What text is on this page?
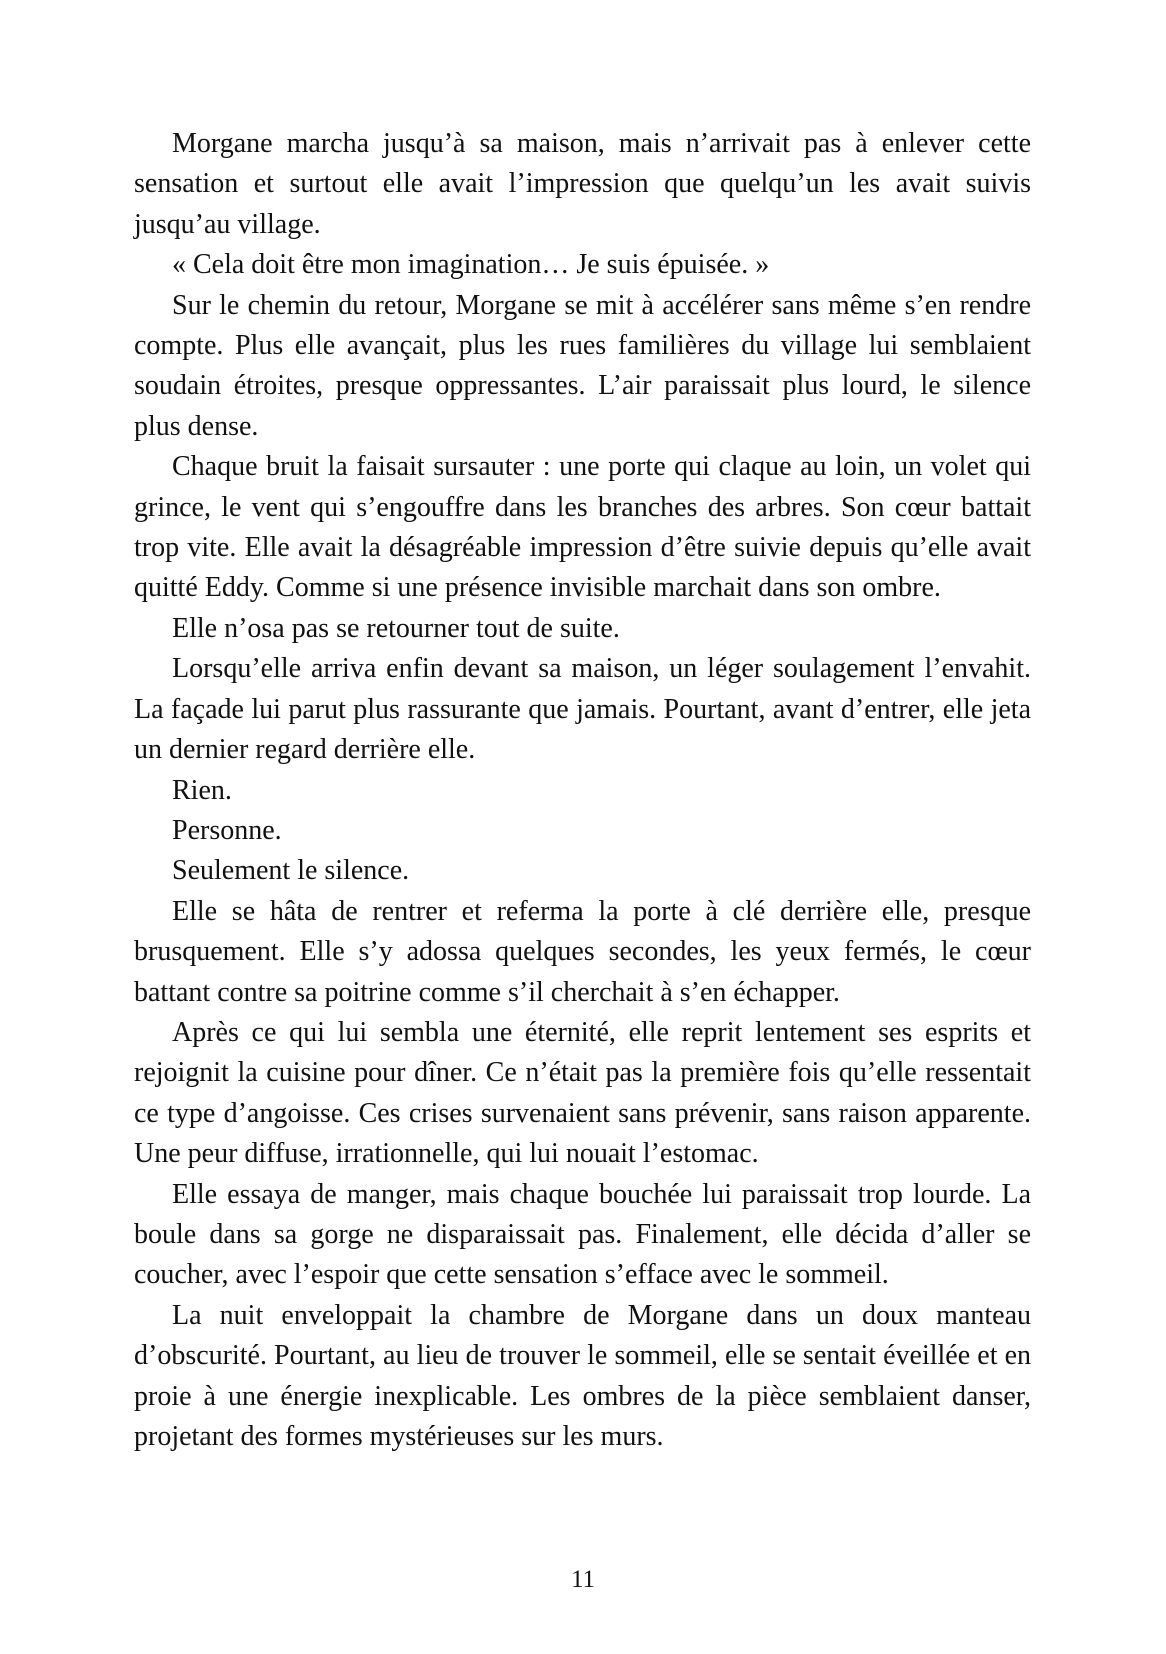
Morgane marcha jusqu’à sa maison, mais n’arrivait pas à enlever cette sensation et surtout elle avait l’impression que quelqu’un les avait suivis jusqu’au village.

« Cela doit être mon imagination… Je suis épuisée. »

Sur le chemin du retour, Morgane se mit à accélérer sans même s’en rendre compte. Plus elle avançait, plus les rues familières du village lui semblaient soudain étroites, presque oppressantes. L’air paraissait plus lourd, le silence plus dense.

Chaque bruit la faisait sursauter : une porte qui claque au loin, un volet qui grince, le vent qui s’engouffre dans les branches des arbres. Son cœur battait trop vite. Elle avait la désagréable impression d’être suivie depuis qu’elle avait quitté Eddy. Comme si une présence invisible marchait dans son ombre.

Elle n’osa pas se retourner tout de suite.

Lorsqu’elle arriva enfin devant sa maison, un léger soulagement l’envahit. La façade lui parut plus rassurante que jamais. Pourtant, avant d’entrer, elle jeta un dernier regard derrière elle.

Rien.

Personne.

Seulement le silence.

Elle se hâta de rentrer et referma la porte à clé derrière elle, presque brusquement. Elle s’y adossa quelques secondes, les yeux fermés, le cœur battant contre sa poitrine comme s’il cherchait à s’en échapper.

Après ce qui lui sembla une éternité, elle reprit lentement ses esprits et rejoignit la cuisine pour dîner. Ce n’était pas la première fois qu’elle ressentait ce type d’angoisse. Ces crises survenaient sans prévenir, sans raison apparente. Une peur diffuse, irrationnelle, qui lui nouait l’estomac.

Elle essaya de manger, mais chaque bouchée lui paraissait trop lourde. La boule dans sa gorge ne disparaissait pas. Finalement, elle décida d’aller se coucher, avec l’espoir que cette sensation s’efface avec le sommeil.

La nuit enveloppait la chambre de Morgane dans un doux manteau d’obscurité. Pourtant, au lieu de trouver le sommeil, elle se sentait éveillée et en proie à une énergie inexplicable. Les ombres de la pièce semblaient danser, projetant des formes mystérieuses sur les murs.

11
